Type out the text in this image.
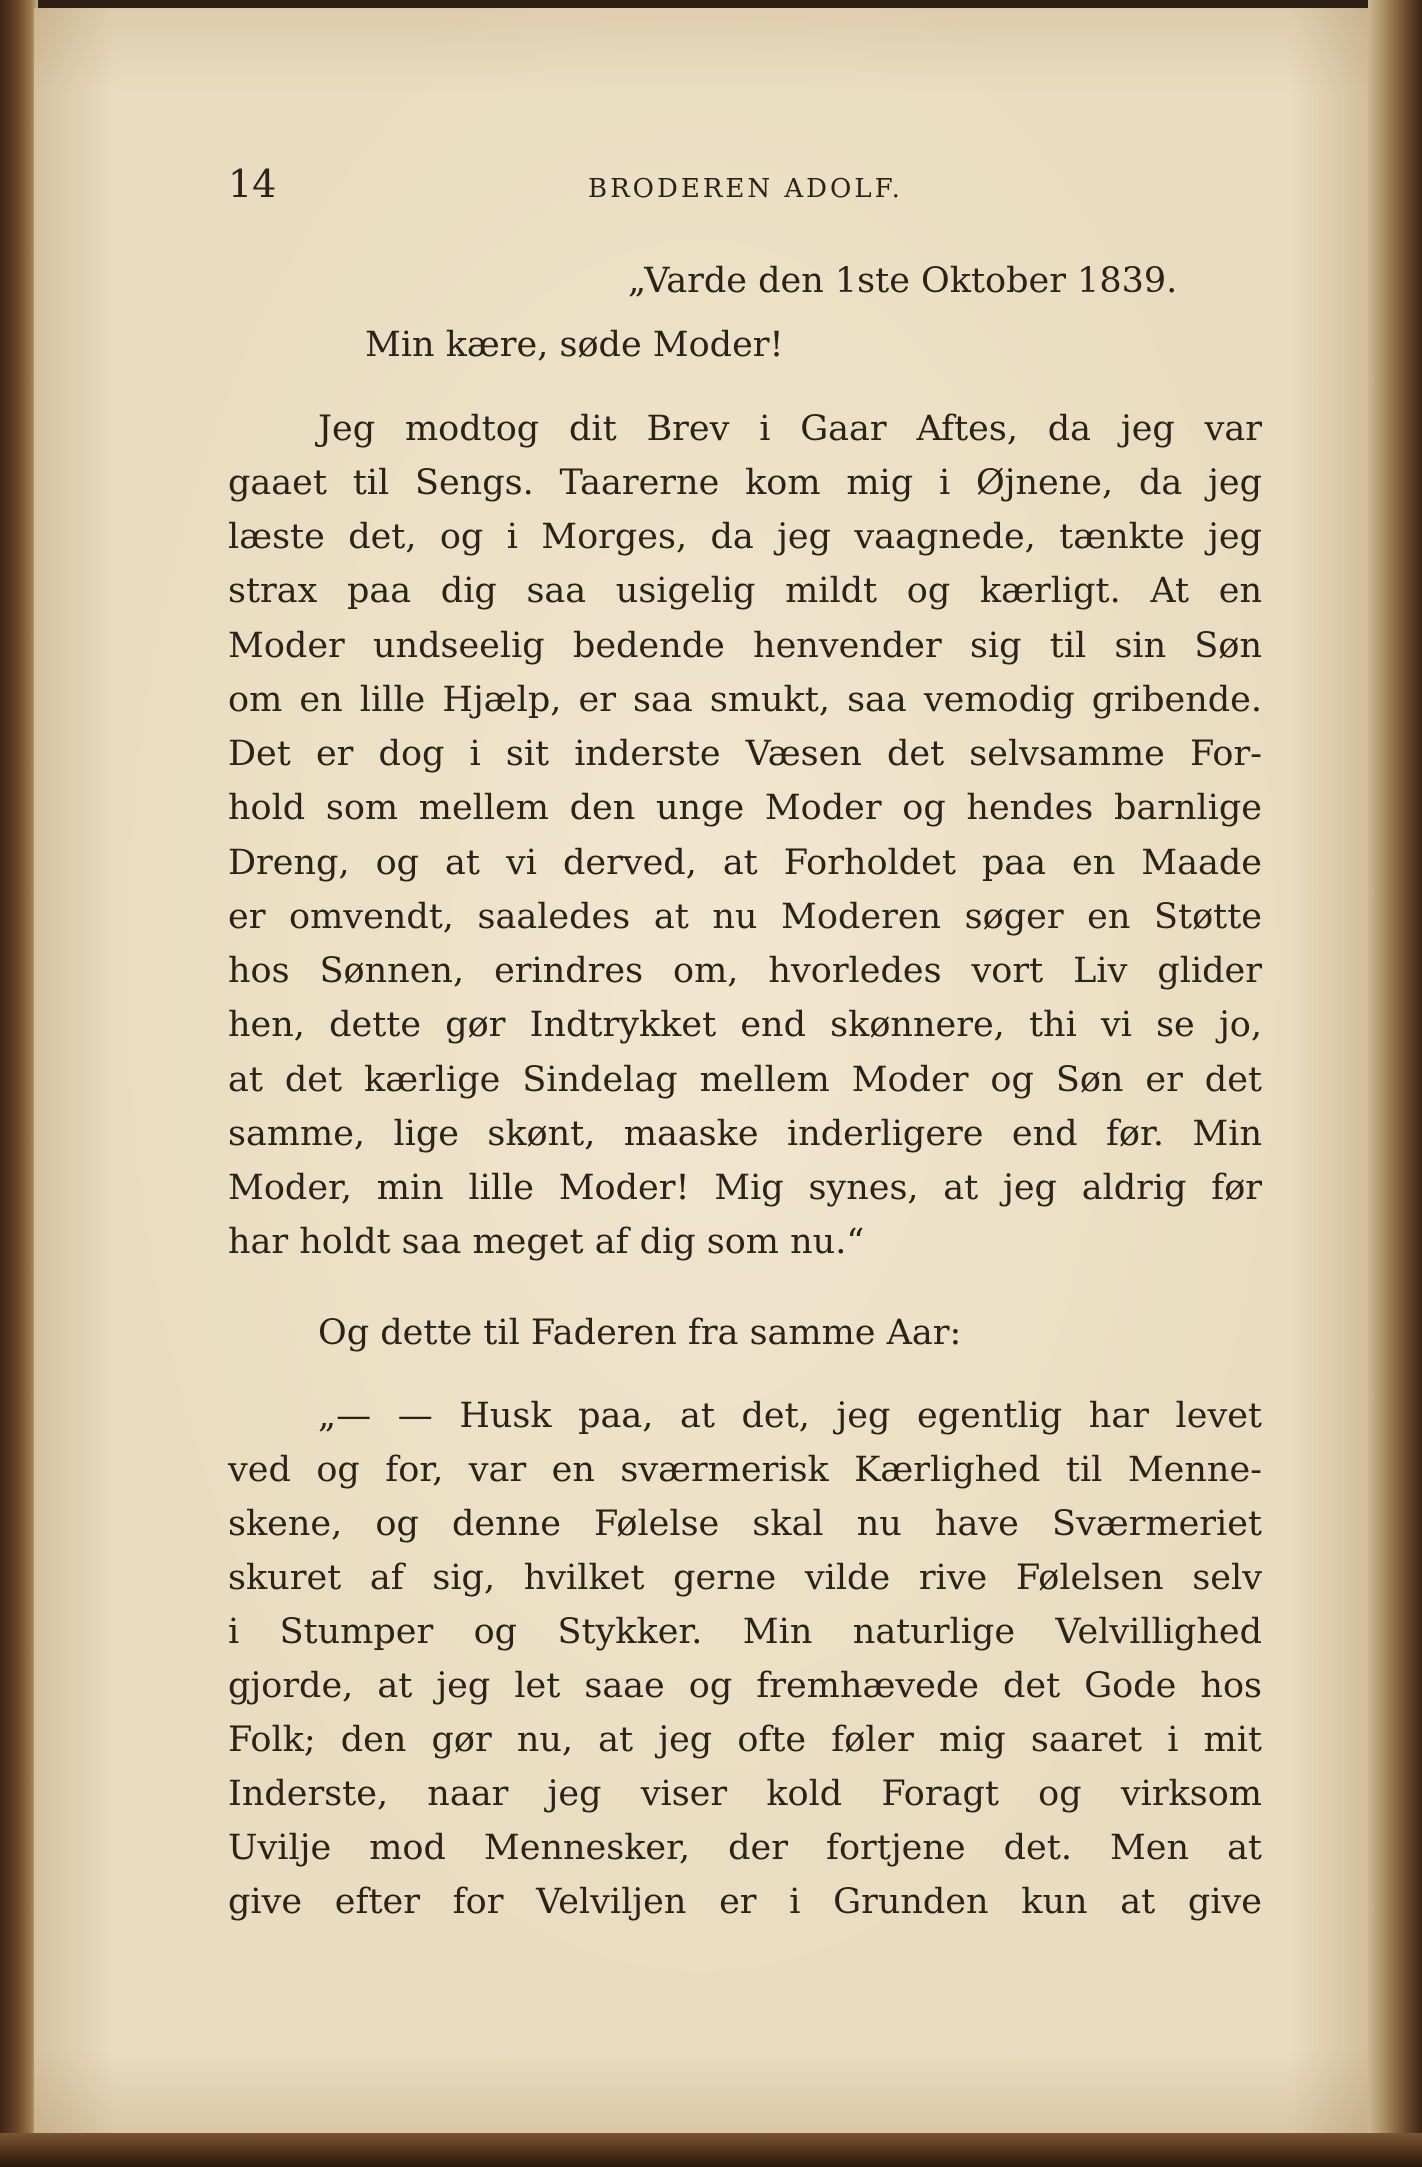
14	BRODEREN ADOLF.
„Varde den 1ste Oktober 1839.
Min kære, søde Moder!
Jeg modtog dit Brev i Gaar Aftes, da jeg var
gaaet til Sengs. Taarerne kom mig i Øjnene, da jeg
læste det, og i Morges, da jeg vaagnede, tænkte jeg
strax paa dig saa usigelig mildt og kærligt. At en
Moder undseelig bedende henvender sig til sin Søn
om en lille Hjælp, er saa smukt, saa vemodig gribende.
Det er dog i sit inderste Væsen det selvsamme For-
hold som mellem den unge Moder og hendes barnlige
Dreng, og at vi derved, at Forholdet paa en Maade
er omvendt, saaledes at nu Moderen søger en Støtte
hos Sønnen, erindres om, hvorledes vort Liv glider
hen, dette gør Indtrykket end skønnere, thi vi se jo,
at det kærlige Sindelag mellem Moder og Søn er det
samme, lige skønt, maaske inderligere end før. Min
Moder, min lille Moder! Mig synes, at jeg aldrig før
har holdt saa meget af dig som nu.“
Og dette til Faderen fra samme Aar:
„— — Husk paa, at det, jeg egentlig har levet
ved og for, var en sværmerisk Kærlighed til Menne-
skene, og denne Følelse skal nu have Sværmeriet
skuret af sig, hvilket gerne vilde rive Følelsen selv
i Stumper og Stykker. Min naturlige Velvillighed
gjorde, at jeg let saae og fremhævede det Gode hos
Folk; den gør nu, at jeg ofte føler mig saaret i mit
Inderste, naar jeg viser kold Foragt og virksom
Uvilje mod Mennesker, der fortjene det. Men at
give efter for Velviljen er i Grunden kun at give
